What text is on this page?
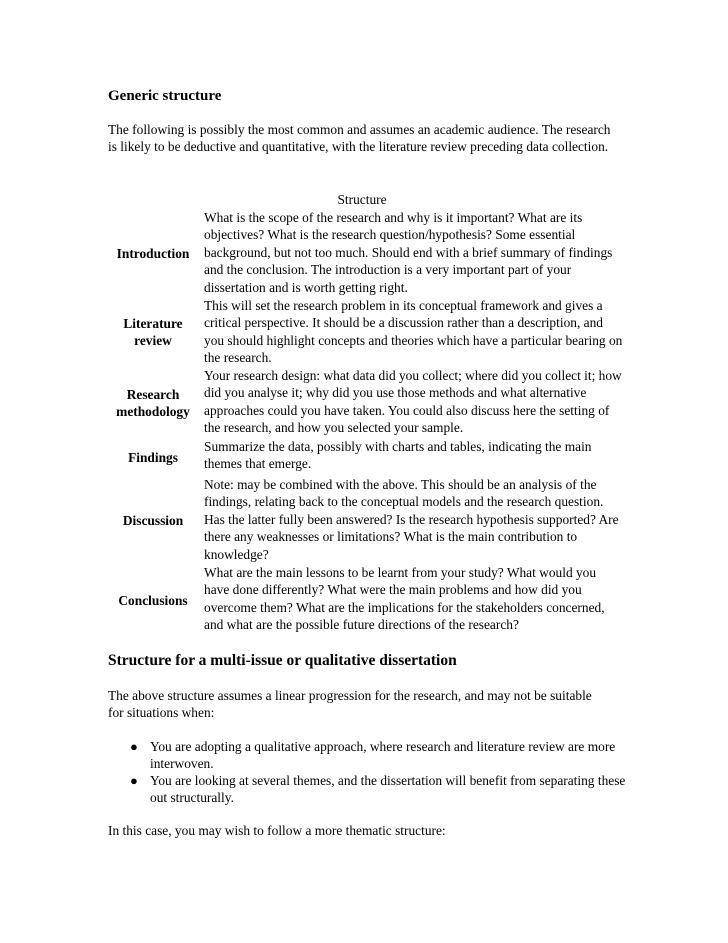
Generic structure

The following is possibly the most common and assumes an academic audience. The research is likely to be deductive and quantitative, with the literature review preceding data collection.

Structure
Introduction
What is the scope of the research and why is it important? What are its objectives? What is the research question/hypothesis? Some essential background, but not too much. Should end with a brief summary of findings and the conclusion. The introduction is a very important part of your dissertation and is worth getting right.
Literature review
This will set the research problem in its conceptual framework and gives a critical perspective. It should be a discussion rather than a description, and you should highlight concepts and theories which have a particular bearing on the research.
Research methodology
Your research design: what data did you collect; where did you collect it; how did you analyse it; why did you use those methods and what alternative approaches could you have taken. You could also discuss here the setting of the research, and how you selected your sample.
Findings
Summarize the data, possibly with charts and tables, indicating the main themes that emerge.
Discussion
Note: may be combined with the above. This should be an analysis of the findings, relating back to the conceptual models and the research question. Has the latter fully been answered? Is the research hypothesis supported? Are there any weaknesses or limitations? What is the main contribution to knowledge?
Conclusions
What are the main lessons to be learnt from your study? What would you have done differently? What were the main problems and how did you overcome them? What are the implications for the stakeholders concerned, and what are the possible future directions of the research?
Structure for a multi-issue or qualitative dissertation

The above structure assumes a linear progression for the research, and may not be suitable for situations when:

● You are adopting a qualitative approach, where research and literature review are more interwoven.
● You are looking at several themes, and the dissertation will benefit from separating these out structurally.

In this case, you may wish to follow a more thematic structure:
